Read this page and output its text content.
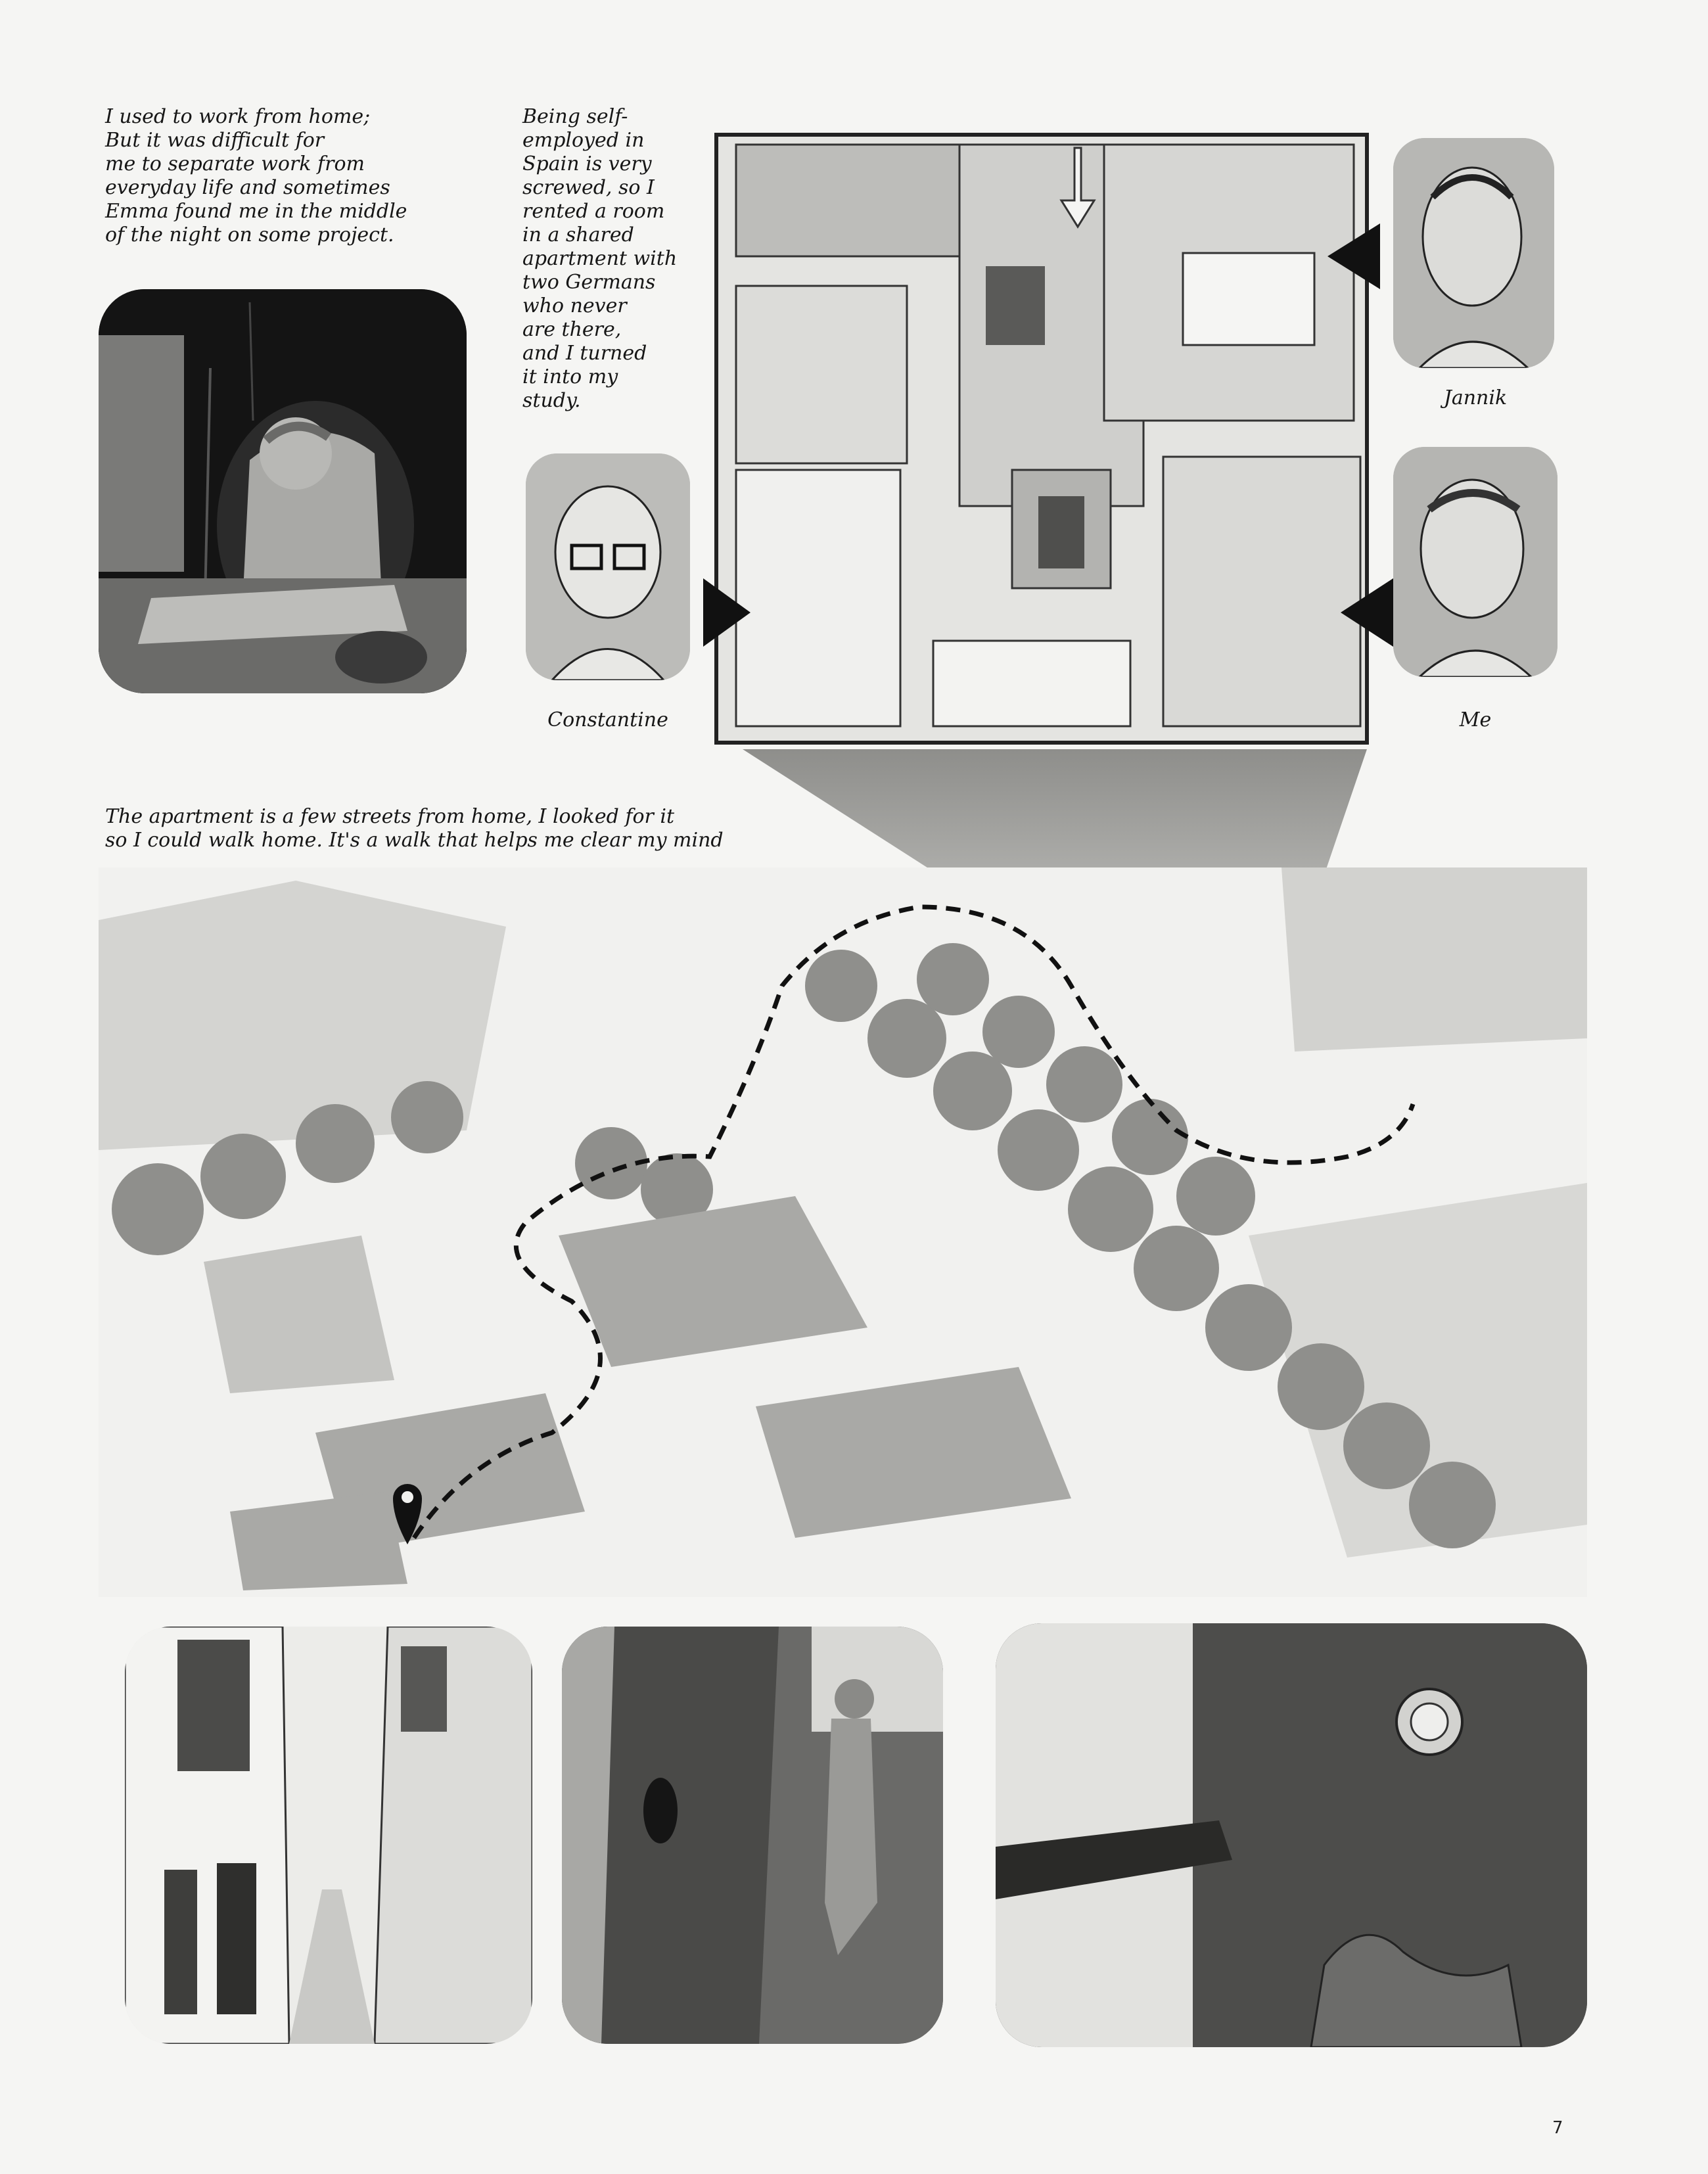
I used to work from home;
But it was difficult for
me to separate work from
everyday life and sometimes
Emma found me in the middle
of the night on some project.
Being self-
employed in
Spain is very
screwed, so I
rented a room
in a shared
apartment with
two Germans
who never
are there,
and I turned
it into my
study.
Constantine
Jannik
Me
The apartment is a few streets from home, I looked for it
so I could walk home. It's a walk that helps me clear my mind
7
